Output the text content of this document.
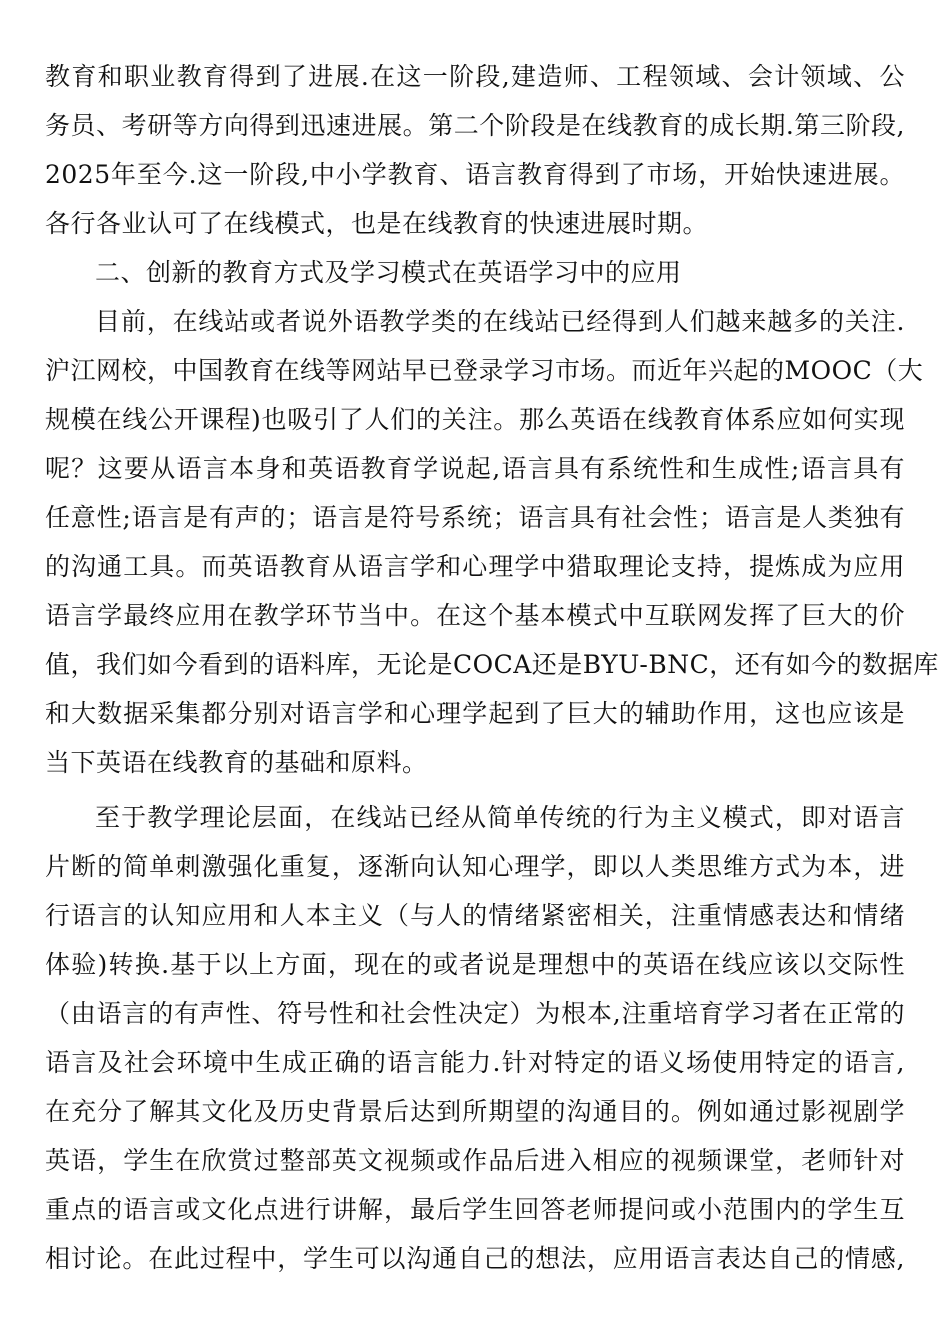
教育和职业教育得到了进展.在这一阶段,建造师、工程领域、会计领域、公
务员、考研等方向得到迅速进展。第二个阶段是在线教育的成长期.第三阶段,
2025年至今.这一阶段,中小学教育、语言教育得到了市场，开始快速进展。
各行各业认可了在线模式，也是在线教育的快速进展时期。
二、创新的教育方式及学习模式在英语学习中的应用
目前，在线站或者说外语教学类的在线站已经得到人们越来越多的关注.
沪江网校，中国教育在线等网站早已登录学习市场。而近年兴起的MOOC（大
规模在线公开课程)也吸引了人们的关注。那么英语在线教育体系应如何实现
呢？这要从语言本身和英语教育学说起,语言具有系统性和生成性;语言具有
任意性;语言是有声的；语言是符号系统；语言具有社会性；语言是人类独有
的沟通工具。而英语教育从语言学和心理学中猎取理论支持，提炼成为应用
语言学最终应用在教学环节当中。在这个基本模式中互联网发挥了巨大的价
值，我们如今看到的语料库，无论是COCA还是BYU-BNC，还有如今的数据库
和大数据采集都分别对语言学和心理学起到了巨大的辅助作用，这也应该是
当下英语在线教育的基础和原料。
至于教学理论层面，在线站已经从简单传统的行为主义模式，即对语言
片断的简单刺激强化重复，逐渐向认知心理学，即以人类思维方式为本，进
行语言的认知应用和人本主义（与人的情绪紧密相关，注重情感表达和情绪
体验)转换.基于以上方面，现在的或者说是理想中的英语在线应该以交际性
（由语言的有声性、符号性和社会性决定）为根本,注重培育学习者在正常的
语言及社会环境中生成正确的语言能力.针对特定的语义场使用特定的语言,
在充分了解其文化及历史背景后达到所期望的沟通目的。例如通过影视剧学
英语，学生在欣赏过整部英文视频或作品后进入相应的视频课堂，老师针对
重点的语言或文化点进行讲解，最后学生回答老师提问或小范围内的学生互
相讨论。在此过程中，学生可以沟通自己的想法，应用语言表达自己的情感,
